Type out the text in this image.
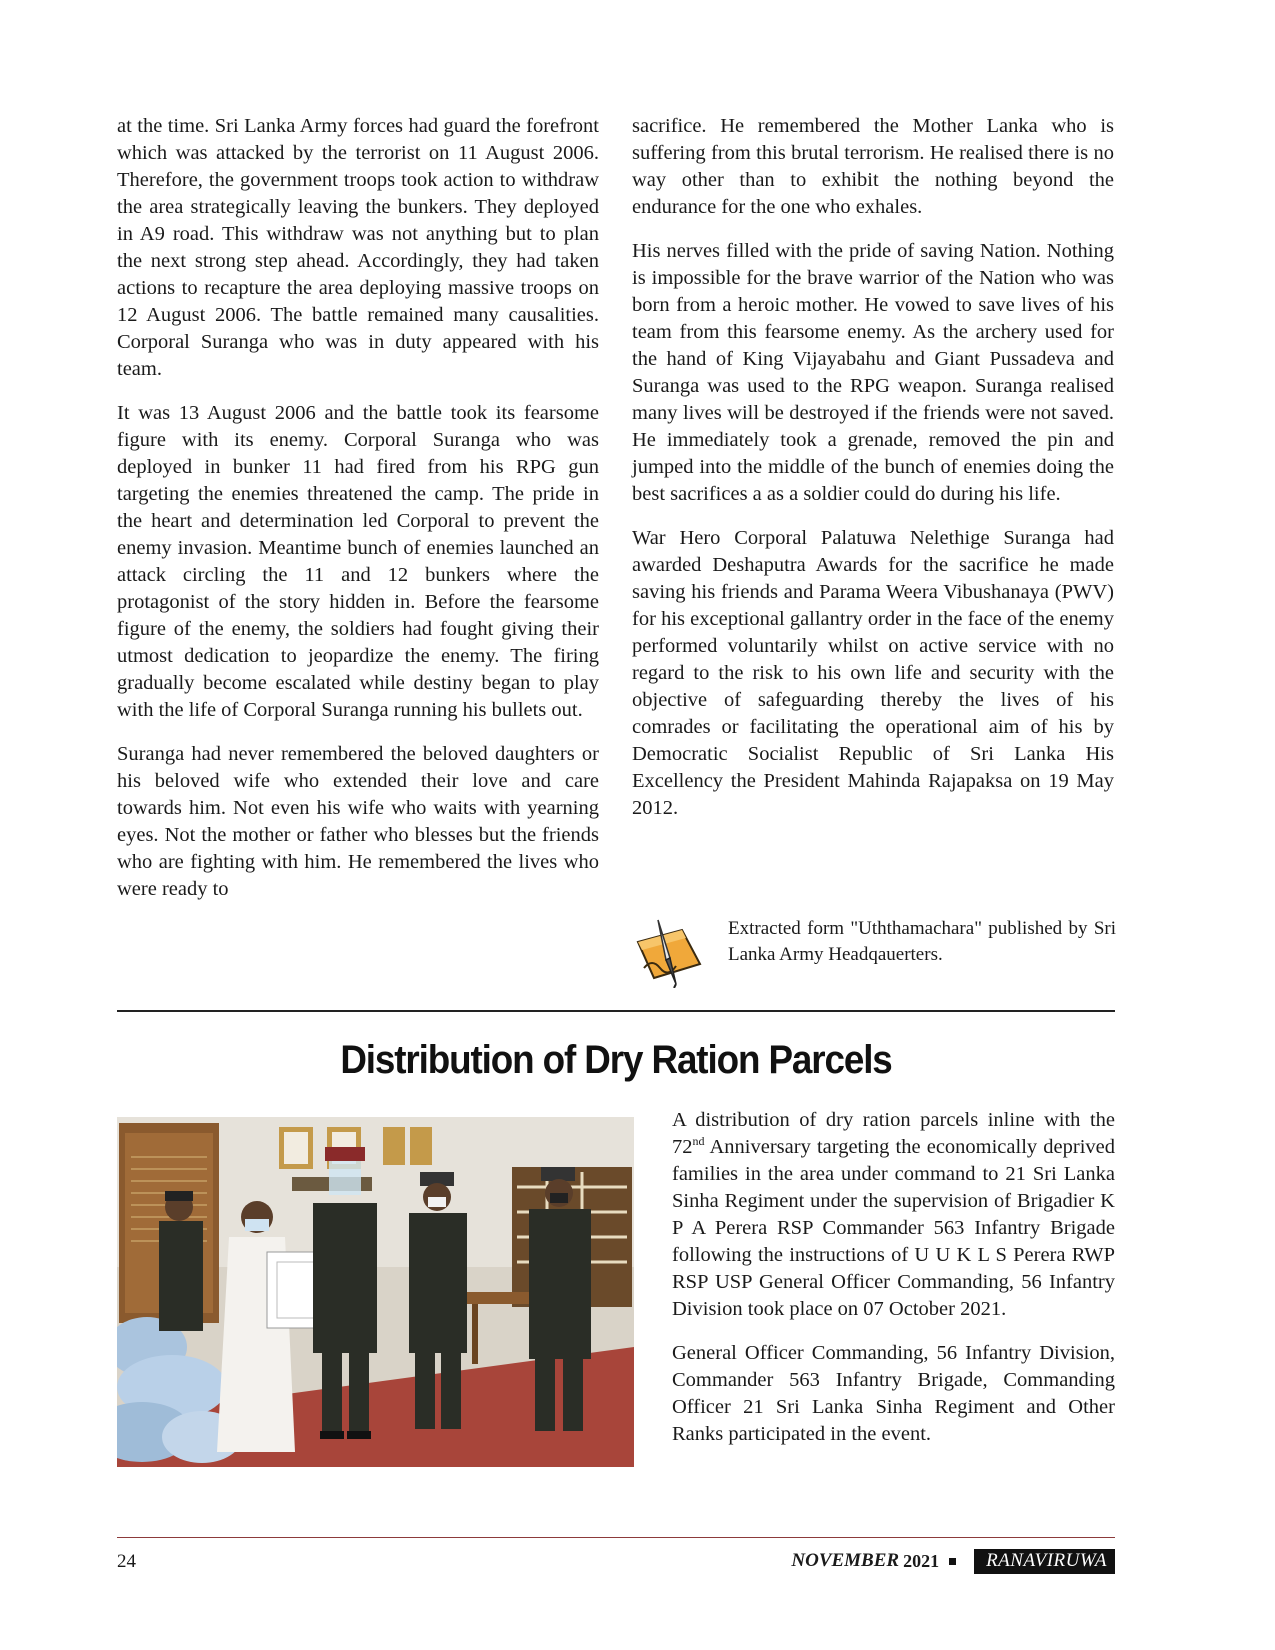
at the time. Sri Lanka Army forces had guard the forefront which was attacked by the terrorist on 11 August 2006. Therefore, the government troops took action to withdraw the area strategically leaving the bunkers. They deployed in A9 road. This withdraw was not anything but to plan the next strong step ahead. Accordingly, they had taken actions to recapture the area deploying massive troops on 12 August 2006. The battle remained many causalities. Corporal Suranga who was in duty appeared with his team.

It was 13 August 2006 and the battle took its fearsome figure with its enemy. Corporal Suranga who was deployed in bunker 11 had fired from his RPG gun targeting the enemies threatened the camp. The pride in the heart and determination led Corporal to prevent the enemy invasion. Meantime bunch of enemies launched an attack circling the 11 and 12 bunkers where the protagonist of the story hidden in. Before the fearsome figure of the enemy, the soldiers had fought giving their utmost dedication to jeopardize the enemy. The firing gradually become escalated while destiny began to play with the life of Corporal Suranga running his bullets out.

Suranga had never remembered the beloved daughters or his beloved wife who extended their love and care towards him. Not even his wife who waits with yearning eyes. Not the mother or father who blesses but the friends who are fighting with him. He remembered the lives who were ready to

sacrifice. He remembered the Mother Lanka who is suffering from this brutal terrorism. He realised there is no way other than to exhibit the nothing beyond the endurance for the one who exhales.

His nerves filled with the pride of saving Nation. Nothing is impossible for the brave warrior of the Nation who was born from a heroic mother. He vowed to save lives of his team from this fearsome enemy. As the archery used for the hand of King Vijayabahu and Giant Pussadeva and Suranga was used to the RPG weapon. Suranga realised many lives will be destroyed if the friends were not saved. He immediately took a grenade, removed the pin and jumped into the middle of the bunch of enemies doing the best sacrifices a as a soldier could do during his life.

War Hero Corporal Palatuwa Nelethige Suranga had awarded Deshaputra Awards for the sacrifice he made saving his friends and Parama Weera Vibushanaya (PWV) for his exceptional gallantry order in the face of the enemy performed voluntarily whilst on active service with no regard to the risk to his own life and security with the objective of safeguarding thereby the lives of his comrades or facilitating the operational aim of his by Democratic Socialist Republic of Sri Lanka His Excellency the President Mahinda Rajapaksa on 19 May 2012.

Extracted form "Uththamachara" published by Sri Lanka Army Headqauerters.
Distribution of Dry Ration Parcels

A distribution of dry ration parcels inline with the 72nd Anniversary targeting the economically deprived families in the area under command to 21 Sri Lanka Sinha Regiment under the supervision of Brigadier K P A Perera RSP Commander 563 Infantry Brigade following the instructions of U U K L S Perera RWP RSP USP General Officer Commanding, 56 Infantry Division took place on 07 October 2021.

General Officer Commanding, 56 Infantry Division, Commander 563 Infantry Brigade, Commanding Officer 21 Sri Lanka Sinha Regiment and Other Ranks participated in the event.

24	NOVEMBER 2021	RANAVIRUWA
